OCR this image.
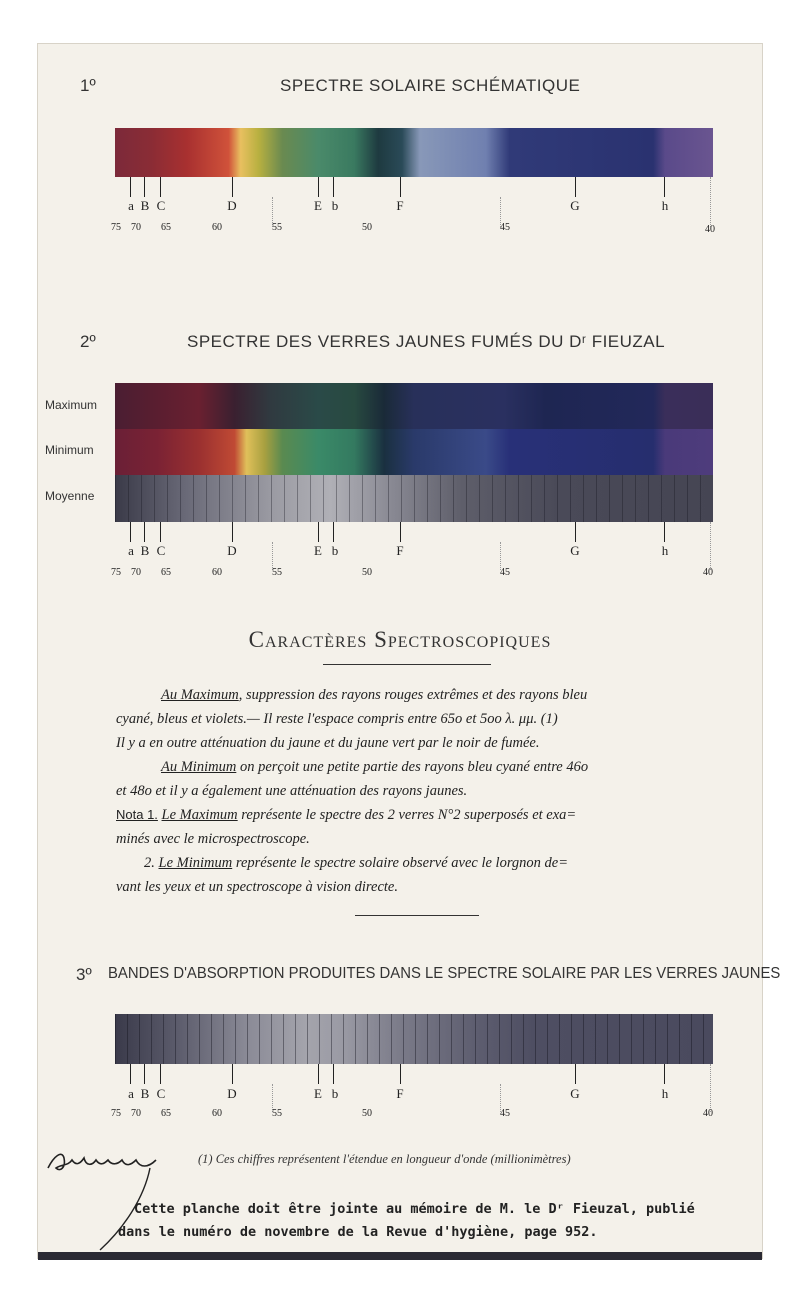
1º	SPECTRE SOLAIRE SCHÉMATIQUE
a B C	D	E b	F	G	h
75 70 65	60	55	50	45	40
2º	SPECTRE DES VERRES JAUNES FUMÉS DU Dʳ FIEUZAL
Maximum
Minimum
Moyenne
a B C	D	E b	F	G	h
75 70 65	60	55	50	45	40
Caractères Spectroscopiques
Au Maximum, suppression des rayons rouges extrêmes et des rayons bleu
cyané, bleus et violets.— Il reste l'espace compris entre 65o et 5oo λ. μμ. (1)
Il y a en outre atténuation du jaune et du jaune vert par le noir de fumée.
Au Minimum on perçoit une petite partie des rayons bleu cyané entre 46o
et 48o et il y a également une atténuation des rayons jaunes.
Nota 1. Le Maximum représente le spectre des 2 verres N°2 superposés et exa=
minés avec le microspectroscope.
2. Le Minimum représente le spectre solaire observé avec le lorgnon de=
vant les yeux et un spectroscope à vision directe.
3º BANDES D'ABSORPTION PRODUITES DANS LE SPECTRE SOLAIRE PAR LES VERRES JAUNES
a B C	D	E b	F	G	h
75 70 65	60	55	50	45	40
(1) Ces chiffres représentent l'étendue en longueur d'onde (millionimètres)
Cette planche doit être jointe au mémoire de M. le Dʳ Fieuzal, publié
dans le numéro de novembre de la Revue d'hygiène, page 952.
